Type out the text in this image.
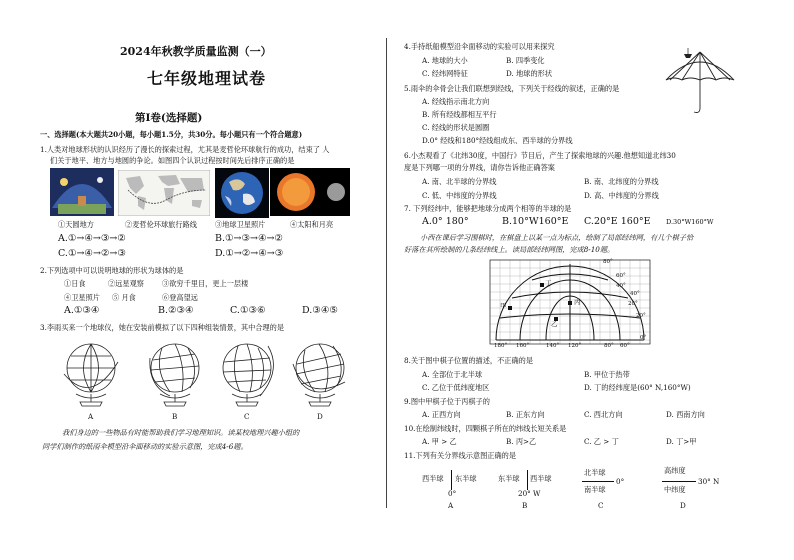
2024年秋教学质量监测（一）
七年级地理试卷
第Ⅰ卷(选择题)
一、选择题(本大题共20小题，每小题1.5分，共30分。每小题只有一个符合题意)
1.人类对地球形状的认识经历了漫长的探索过程，尤其是麦哲伦环球航行的成功，结束了 人
们关于地平、地方与地圆的争论。如图四个认识过程按时间先后排序正确的是
①天圆地方	②麦哲伦环球旅行路线	③地球卫星照片	④太阳和月亮
A.①→④→③→②	B.①→③→④→②
C.①→④→②→③	D.①→②→④→③
2.下列选项中可以说明地球的形状为球体的是
①日食	②远星观察	③欲穷千里目，更上一层楼
④卫星照片 ⑤ 月食	⑥登高望远
A.①③④	B.②③④	C.①③⑥	D.③④⑤
3.李雨买来一个地球仪，她在安装前模拟了以下四种组装情景，其中合理的是
A	B	C	D
我们身边的一些物品有时能帮助我们学习地理知识。读某校地理兴趣小组的
同学们制作的纸雨伞模型沿伞面移动的实验示意图，完成4-6题。
4.手持纸船模型沿伞面移动的实验可以用来探究
A. 地球的大小	B. 四季变化
C. 经纬网特征	D. 地球的形状
5.雨伞的伞骨会让我们联想到经线，下列关于经线的叙述，正确的是
A. 经线指示南北方向
B. 所有经线都相互平行
C. 经线的形状是圆圈
D.0° 经线和180°经线组成东、西半球的分界线
6.小杰观看了《北纬30度，中国行》节目后，产生了探索地球的兴趣.他想知道北纬30
度是下列哪一项的分界线，请你告诉他正确答案
A. 南、北半球的分界线	B. 南、北纬度的分界线
C. 低、中纬度的分界线	D. 高、中纬度的分界线
7. 下列经纬中，能够把地球分成两个相等的半球的是
A.0° 180°	B.10°W160°E C.20°E 160°E D.30°W160°W
小西在课后学习围棋时，在棋盘上以某一点为标点，绘制了局部经纬网，有几个棋子恰
好落在其所绘制的几条经纬线上。读局部经纬网图，完成8-10题。
甲
丁
丙
乙
180° 160°	140° 120°
80°
60°
40°
20°
0°
80° 60°
40°
20°
8.关于图中棋子位置的描述，不正确的是
A. 全部位于北半球	B. 甲位于热带
C. 乙位于低纬度地区	D. 丁的经纬度是(60° N,160°W)
9.图中甲棋子位于丙棋子的
A. 正西方向	B. 正东方向	C. 西北方向	D. 西南方向
10.在绘制纬线时，四颗棋子所在的纬线长短关系是
A. 甲 > 乙	B. 丙>乙	C. 乙 > 丁	D. 丁>甲
11.下列有关分界线示意图正确的是
西半球 东半球
0°
东半球 西半球
20° W
北半球
0°
南半球
高纬度
30° N
中纬度
A	B	C	D
